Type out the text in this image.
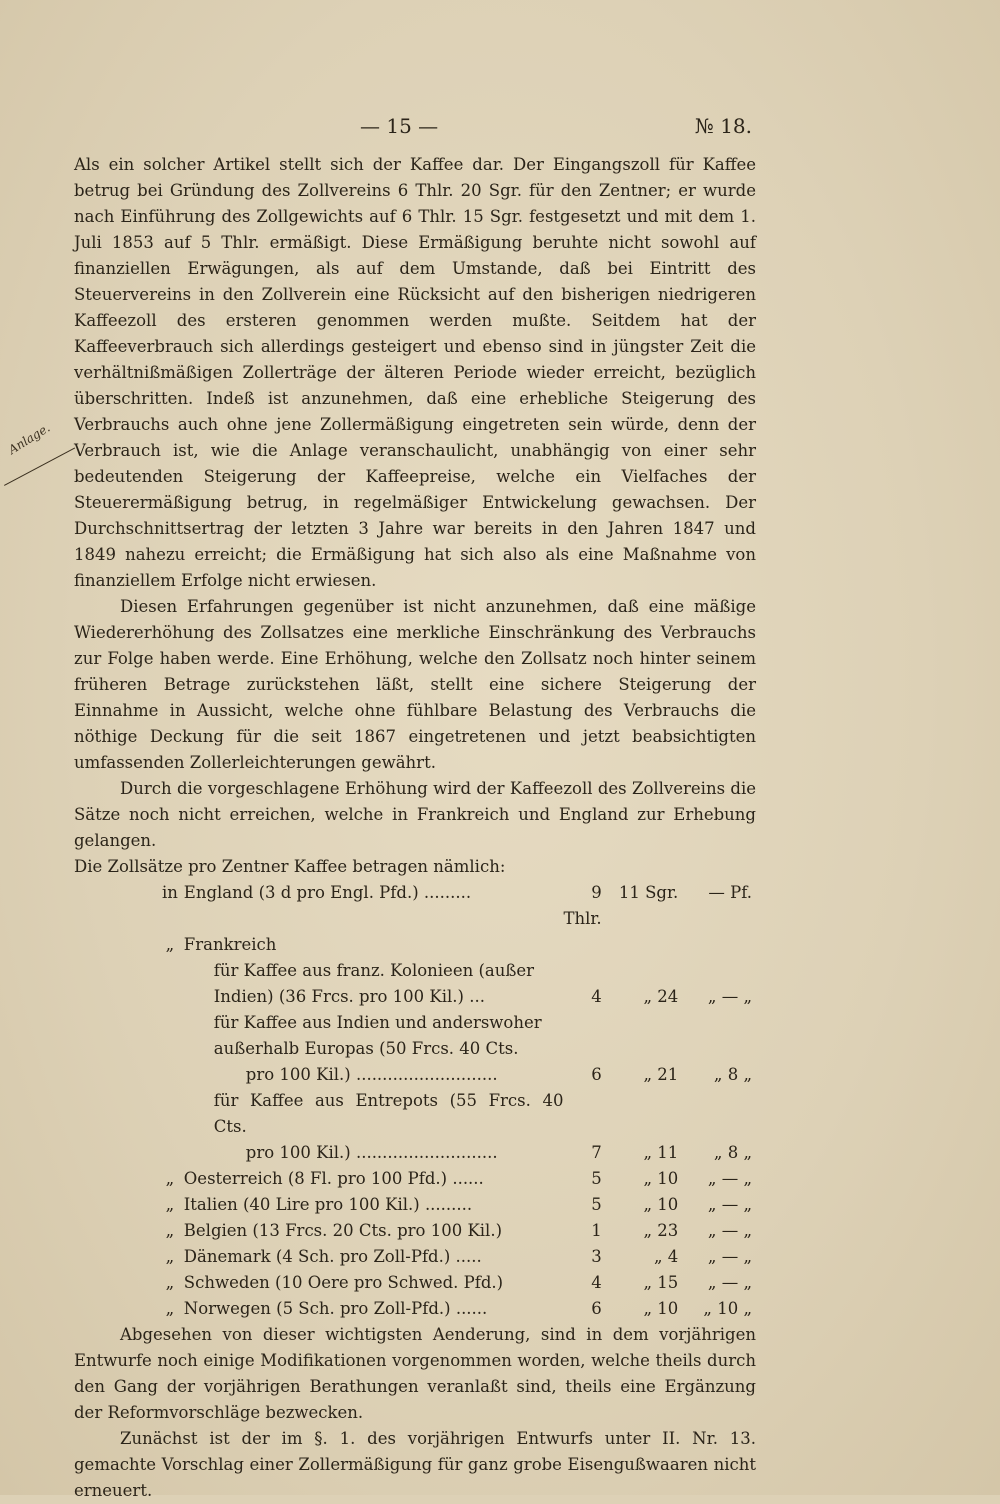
— 15 —	№ 18.
Anlage.

Als ein solcher Artikel stellt sich der Kaffee dar. Der Eingangszoll für Kaffee betrug bei Gründung des Zollvereins 6 Thlr. 20 Sgr. für den Zentner; er wurde nach Einführung des Zollgewichts auf 6 Thlr. 15 Sgr. festgesetzt und mit dem 1. Juli 1853 auf 5 Thlr. ermäßigt. Diese Ermäßigung beruhte nicht sowohl auf finanziellen Erwägungen, als auf dem Umstande, daß bei Eintritt des Steuervereins in den Zollverein eine Rücksicht auf den bisherigen niedrigeren Kaffeezoll des ersteren genommen werden mußte. Seitdem hat der Kaffeeverbrauch sich allerdings gesteigert und ebenso sind in jüngster Zeit die verhältnißmäßigen Zollerträge der älteren Periode wieder erreicht, bezüglich überschritten. Indeß ist anzunehmen, daß eine erhebliche Steigerung des Verbrauchs auch ohne jene Zollermäßigung eingetreten sein würde, denn der Verbrauch ist, wie die Anlage veranschaulicht, unabhängig von einer sehr bedeutenden Steigerung der Kaffeepreise, welche ein Vielfaches der Steuerermäßigung betrug, in regelmäßiger Entwickelung gewachsen. Der Durchschnittsertrag der letzten 3 Jahre war bereits in den Jahren 1847 und 1849 nahezu erreicht; die Ermäßigung hat sich also als eine Maßnahme von finanziellem Erfolge nicht erwiesen.

Diesen Erfahrungen gegenüber ist nicht anzunehmen, daß eine mäßige Wiedererhöhung des Zollsatzes eine merkliche Einschränkung des Verbrauchs zur Folge haben werde. Eine Erhöhung, welche den Zollsatz noch hinter seinem früheren Betrage zurückstehen läßt, stellt eine sichere Steigerung der Einnahme in Aussicht, welche ohne fühlbare Belastung des Verbrauchs die nöthige Deckung für die seit 1867 eingetretenen und jetzt beabsichtigten umfassenden Zollerleichterungen gewährt.

Durch die vorgeschlagene Erhöhung wird der Kaffeezoll des Zollvereins die Sätze noch nicht erreichen, welche in Frankreich und England zur Erhebung gelangen.

Die Zollsätze pro Zentner Kaffee betragen nämlich:

in	England (3 d pro Engl. Pfd.) .........	9 Thlr.	11 Sgr.	— Pf.
„	Frankreich			
	für Kaffee aus franz. Kolonieen (außer			
	Indien) (36 Frcs. pro 100 Kil.) ...	4	„ 24	„ — „
	für Kaffee aus Indien und anderswoher			
	außerhalb Europas (50 Frcs. 40 Cts.			
	pro 100 Kil.) ...........................	6	„ 21	„ 8 „
	für Kaffee aus Entrepots (55 Frcs. 40 Cts.			
	pro 100 Kil.) ...........................	7	„ 11	„ 8 „
„	Oesterreich (8 Fl. pro 100 Pfd.) ......	5	„ 10	„ — „
„	Italien (40 Lire pro 100 Kil.) .........	5	„ 10	„ — „
„	Belgien (13 Frcs. 20 Cts. pro 100 Kil.)	1	„ 23	„ — „
„	Dänemark (4 Sch. pro Zoll-Pfd.) .....	3	„ 4	„ — „
„	Schweden (10 Oere pro Schwed. Pfd.)	4	„ 15	„ — „
„	Norwegen (5 Sch. pro Zoll-Pfd.) ......	6	„ 10	„ 10 „

Abgesehen von dieser wichtigsten Aenderung, sind in dem vorjährigen Entwurfe noch einige Modifikationen vorgenommen worden, welche theils durch den Gang der vorjährigen Berathungen veranlaßt sind, theils eine Ergänzung der Reformvorschläge bezwecken.

Zunächst ist der im §. 1. des vorjährigen Entwurfs unter II. Nr. 13. gemachte Vorschlag einer Zollermäßigung für ganz grobe Eisengußwaaren nicht erneuert.
